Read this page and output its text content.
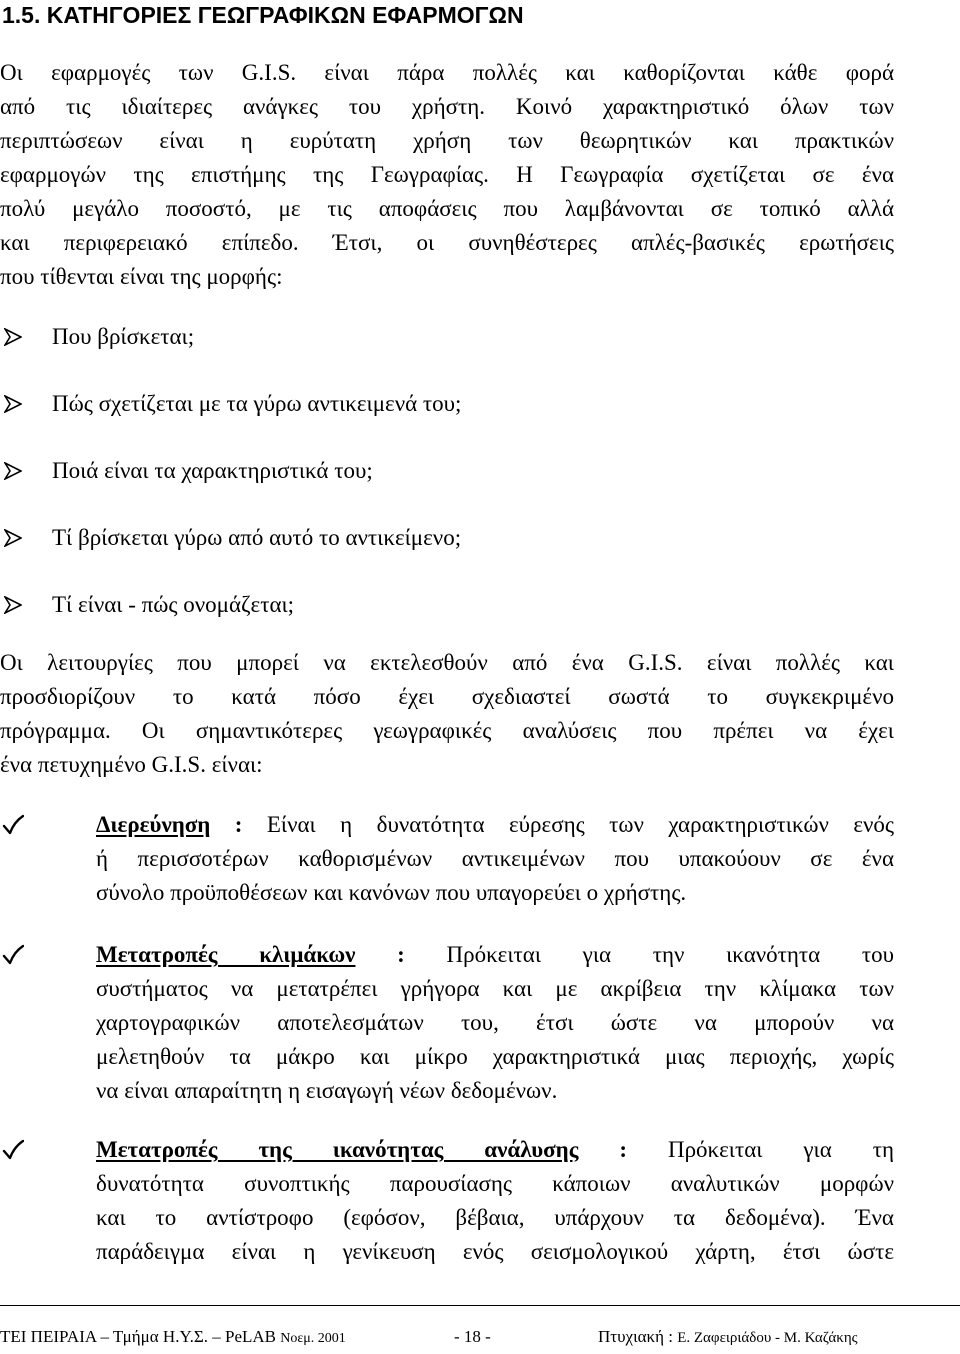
1.5. ΚΑΤΗΓΟΡΙΕΣ ΓΕΩΓΡΑΦΙΚΩΝ ΕΦΑΡΜΟΓΩΝ
Οι εφαρμογές των G.I.S. είναι πάρα πολλές και καθορίζονται κάθε φορά
από τις ιδιαίτερες ανάγκες του χρήστη. Κοινό χαρακτηριστικό όλων των
περιπτώσεων είναι η ευρύτατη χρήση των θεωρητικών και πρακτικών
εφαρμογών της επιστήμης της Γεωγραφίας. Η Γεωγραφία σχετίζεται σε ένα
πολύ μεγάλο ποσοστό, με τις αποφάσεις που λαμβάνονται σε τοπικό αλλά
και περιφερειακό επίπεδο. Έτσι, οι συνηθέστερες απλές-βασικές ερωτήσεις
που τίθενται είναι της μορφής:
Που βρίσκεται;
Πώς σχετίζεται με τα γύρω αντικειμενά του;
Ποιά είναι τα χαρακτηριστικά του;
Τί βρίσκεται γύρω από αυτό το αντικείμενο;
Τί είναι - πώς ονομάζεται;
Οι λειτουργίες που μπορεί να εκτελεσθούν από ένα G.I.S. είναι πολλές και
προσδιορίζουν το κατά πόσο έχει σχεδιαστεί σωστά το συγκεκριμένο
πρόγραμμα. Οι σημαντικότερες γεωγραφικές αναλύσεις που πρέπει να έχει
ένα πετυχημένο G.I.S. είναι:
Διερεύνηση : Είναι η δυνατότητα εύρεσης των χαρακτηριστικών ενός
ή περισσοτέρων καθορισμένων αντικειμένων που υπακούουν σε ένα
σύνολο προϋποθέσεων και κανόνων που υπαγορεύει ο χρήστης.
Μετατροπές κλιμάκων : Πρόκειται για την ικανότητα του
συστήματος να μετατρέπει γρήγορα και με ακρίβεια την κλίμακα των
χαρτογραφικών αποτελεσμάτων του, έτσι ώστε να μπορούν να
μελετηθούν τα μάκρο και μίκρο χαρακτηριστικά μιας περιοχής, χωρίς
να είναι απαραίτητη η εισαγωγή νέων δεδομένων.
Μετατροπές της ικανότητας ανάλυσης : Πρόκειται για τη
δυνατότητα συνοπτικής παρουσίασης κάποιων αναλυτικών μορφών
και το αντίστροφο (εφόσον, βέβαια, υπάρχουν τα δεδομένα). Ένα
παράδειγμα είναι η γενίκευση ενός σεισμολογικού χάρτη, έτσι ώστε
ΤΕΙ ΠΕΙΡΑΙΑ – Τμήμα Η.Υ.Σ. – PeLAB Νοεμ. 2001	- 18 -	Πτυχιακή : Ε. Ζαφειριάδου - Μ. Καζάκης
